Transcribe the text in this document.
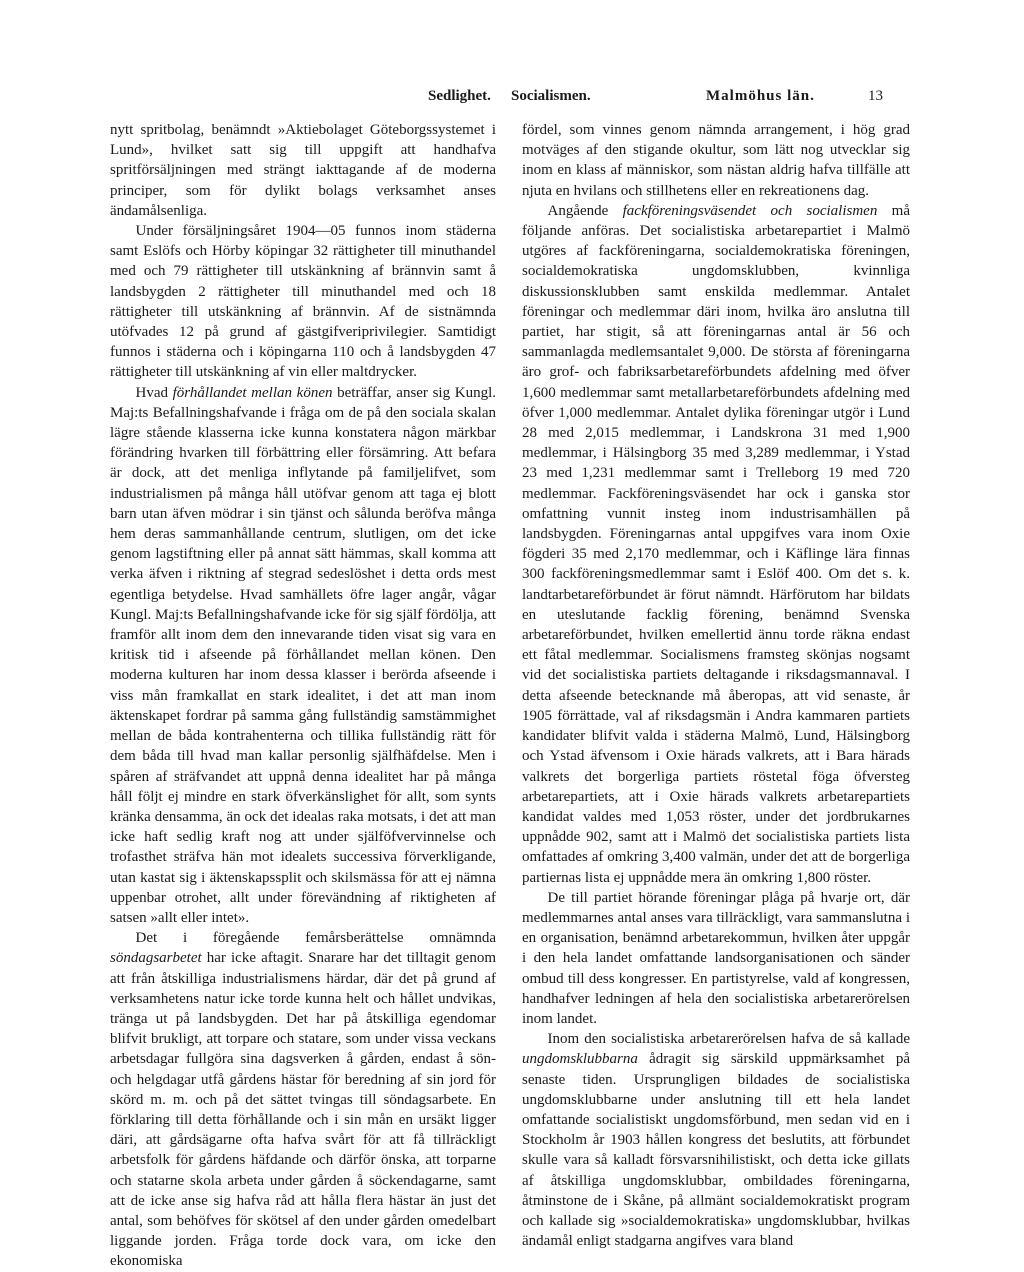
Sedlighet. Socialismen.	Malmöhus län.	13

nytt spritbolag, benämndt »Aktiebolaget Göteborgssystemet i Lund», hvilket satt sig till uppgift att handhafva spritförsäljningen med strängt iakttagande af de moderna principer, som för dylikt bolags verksamhet anses ändamålsenliga.

Under försäljningsåret 1904—05 funnos inom städerna samt Eslöfs och Hörby köpingar 32 rättigheter till minuthandel med och 79 rättigheter till utskänkning af brännvin samt å landsbygden 2 rättigheter till minuthandel med och 18 rättigheter till utskänkning af brännvin. Af de sistnämnda utöfvades 12 på grund af gästgifveriprivilegier. Samtidigt funnos i städerna och i köpingarna 110 och å landsbygden 47 rättigheter till utskänkning af vin eller maltdrycker.

Hvad förhållandet mellan könen beträffar, anser sig Kungl. Maj:ts Befallningshafvande i fråga om de på den sociala skalan lägre stående klasserna icke kunna konstatera någon märkbar förändring hvarken till förbättring eller försämring. Att befara är dock, att det menliga inflytande på familjelifvet, som industrialismen på många håll utöfvar genom att taga ej blott barn utan äfven mödrar i sin tjänst och sålunda beröfva många hem deras sammanhållande centrum, slutligen, om det icke genom lagstiftning eller på annat sätt hämmas, skall komma att verka äfven i riktning af stegrad sedeslöshet i detta ords mest egentliga betydelse. Hvad samhällets öfre lager angår, vågar Kungl. Maj:ts Befallningshafvande icke för sig själf fördölja, att framför allt inom dem den innevarande tiden visat sig vara en kritisk tid i afseende på förhållandet mellan könen. Den moderna kulturen har inom dessa klasser i berörda afseende i viss mån framkallat en stark idealitet, i det att man inom äktenskapet fordrar på samma gång fullständig samstämmighet mellan de båda kontrahenterna och tillika fullständig rätt för dem båda till hvad man kallar personlig själfhäfdelse. Men i spåren af sträfvandet att uppnå denna idealitet har på många håll följt ej mindre en stark öfverkänslighet för allt, som synts kränka densamma, än ock det idealas raka motsats, i det att man icke haft sedlig kraft nog att under själföfvervinnelse och trofasthet sträfva hän mot idealets successiva förverkligande, utan kastat sig i äktenskapssplit och skilsmässa för att ej nämna uppenbar otrohet, allt under förevändning af riktigheten af satsen »allt eller intet».

Det i föregående femårsberättelse omnämnda söndagsarbetet har icke aftagit. Snarare har det tilltagit genom att från åtskilliga industrialismens härdar, där det på grund af verksamhetens natur icke torde kunna helt och hållet undvikas, tränga ut på landsbygden. Det har på åtskilliga egendomar blifvit brukligt, att torpare och statare, som under vissa veckans arbetsdagar fullgöra sina dagsverken å gården, endast å sön- och helgdagar utfå gårdens hästar för beredning af sin jord för skörd m. m. och på det sättet tvingas till söndagsarbete. En förklaring till detta förhållande och i sin mån en ursäkt ligger däri, att gårdsägarne ofta hafva svårt för att få tillräckligt arbetsfolk för gårdens häfdande och därför önska, att torparne och statarne skola arbeta under gården å söckendagarne, samt att de icke anse sig hafva råd att hålla flera hästar än just det antal, som behöfves för skötsel af den under gården omedelbart liggande jorden. Fråga torde dock vara, om icke den ekonomiska

fördel, som vinnes genom nämnda arrangement, i hög grad motväges af den stigande okultur, som lätt nog utvecklar sig inom en klass af människor, som nästan aldrig hafva tillfälle att njuta en hvilans och stillhetens eller en rekreationens dag.

Angående fackföreningsväsendet och socialismen må följande anföras. Det socialistiska arbetarepartiet i Malmö utgöres af fackföreningarna, socialdemokratiska föreningen, socialdemokratiska ungdomsklubben, kvinnliga diskussionsklubben samt enskilda medlemmar. Antalet föreningar och medlemmar däri inom, hvilka äro anslutna till partiet, har stigit, så att föreningarnas antal är 56 och sammanlagda medlemsantalet 9,000. De största af föreningarna äro grof- och fabriksarbetareförbundets afdelning med öfver 1,600 medlemmar samt metallarbetareförbundets afdelning med öfver 1,000 medlemmar. Antalet dylika föreningar utgör i Lund 28 med 2,015 medlemmar, i Landskrona 31 med 1,900 medlemmar, i Hälsingborg 35 med 3,289 medlemmar, i Ystad 23 med 1,231 medlemmar samt i Trelleborg 19 med 720 medlemmar. Fackföreningsväsendet har ock i ganska stor omfattning vunnit insteg inom industrisamhällen på landsbygden. Föreningarnas antal uppgifves vara inom Oxie fögderi 35 med 2,170 medlemmar, och i Käflinge lära finnas 300 fackföreningsmedlemmar samt i Eslöf 400. Om det s. k. landtarbetareförbundet är förut nämndt. Härförutom har bildats en uteslutande facklig förening, benämnd Svenska arbetareförbundet, hvilken emellertid ännu torde räkna endast ett fåtal medlemmar. Socialismens framsteg skönjas nogsamt vid det socialistiska partiets deltagande i riksdagsmannaval. I detta afseende betecknande må åberopas, att vid senaste, år 1905 förrättade, val af riksdagsmän i Andra kammaren partiets kandidater blifvit valda i städerna Malmö, Lund, Hälsingborg och Ystad äfvensom i Oxie härads valkrets, att i Bara härads valkrets det borgerliga partiets röstetal föga öfversteg arbetarepartiets, att i Oxie härads valkrets arbetarepartiets kandidat valdes med 1,053 röster, under det jordbrukarnes uppnådde 902, samt att i Malmö det socialistiska partiets lista omfattades af omkring 3,400 valmän, under det att de borgerliga partiernas lista ej uppnådde mera än omkring 1,800 röster.

De till partiet hörande föreningar plåga på hvarje ort, där medlemmarnes antal anses vara tillräckligt, vara sammanslutna i en organisation, benämnd arbetarekommun, hvilken åter uppgår i den hela landet omfattande landsorganisationen och sänder ombud till dess kongresser. En partistyrelse, vald af kongressen, handhafver ledningen af hela den socialistiska arbetarerörelsen inom landet.

Inom den socialistiska arbetarerörelsen hafva de så kallade ungdomsklubbarna ådragit sig särskild uppmärksamhet på senaste tiden. Ursprungligen bildades de socialistiska ungdomsklubbarne under anslutning till ett hela landet omfattande socialistiskt ungdomsförbund, men sedan vid en i Stockholm år 1903 hållen kongress det beslutits, att förbundet skulle vara så kalladt försvarsnihilistiskt, och detta icke gillats af åtskilliga ungdomsklubbar, ombildades föreningarna, åtminstone de i Skåne, på allmänt socialdemokratiskt program och kallade sig »socialdemokratiska» ungdomsklubbar, hvilkas ändamål enligt stadgarna angifves vara bland
